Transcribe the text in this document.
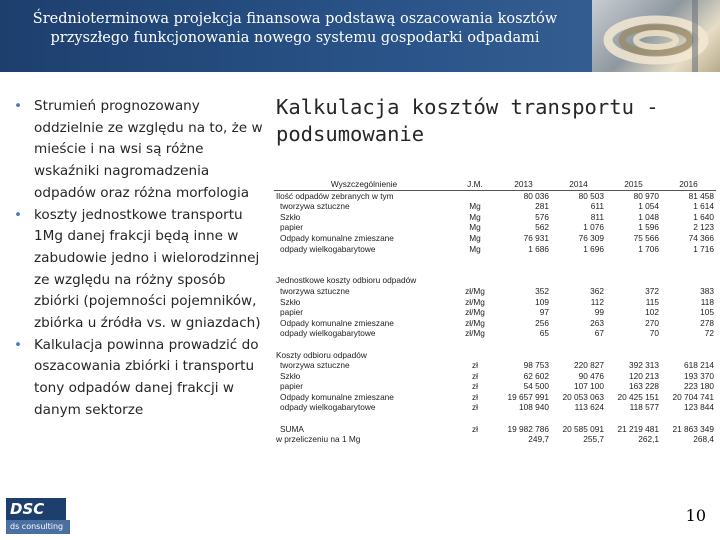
Średnioterminowa projekcja finansowa podstawą oszacowania kosztów
przyszłego funkcjonowania nowego systemu gospodarki odpadami
• Strumień prognozowany oddzielnie ze względu na to, że w mieście i na wsi są różne wskaźniki nagromadzenia odpadów oraz różna morfologia
• koszty jednostkowe transportu 1Mg danej frakcji będą inne w zabudowie jedno i wielorodzinnej ze względu na różny sposób zbiórki (pojemności pojemników, zbiórka u źródła vs. w gniazdach)
• Kalkulacja powinna prowadzić do oszacowania zbiórki i transportu tony odpadów danej frakcji w danym sektorze
Kalkulacja kosztów transportu -
podsumowanie
Wyszczególnienie	J.M.	2013	2014	2015	2016
Ilość odpadów zebranych w tym		80 036	80 503	80 970	81 458
tworzywa sztuczne	Mg	281	611	1 054	1 614
Szkło	Mg	576	811	1 048	1 640
papier	Mg	562	1 076	1 596	2 123
Odpady komunalne zmieszane	Mg	76 931	76 309	75 566	74 366
odpady wielkogabarytowe	Mg	1 686	1 696	1 706	1 716

Jednostkowe koszty odbioru odpadów					
tworzywa sztuczne	zł/Mg	352	362	372	383
Szkło	zł/Mg	109	112	115	118
papier	zł/Mg	97	99	102	105
Odpady komunalne zmieszane	zł/Mg	256	263	270	278
odpady wielkogabarytowe	zł/Mg	65	67	70	72

Koszty odbioru odpadów					
tworzywa sztuczne	zł	98 753	220 827	392 313	618 214
Szkło	zł	62 602	90 476	120 213	193 370
papier	zł	54 500	107 100	163 228	223 180
Odpady komunalne zmieszane	zł	19 657 991	20 053 063	20 425 151	20 704 741
odpady wielkogabarytowe	zł	108 940	113 624	118 577	123 844

SUMA	zł	19 982 786	20 585 091	21 219 481	21 863 349
w przeliczeniu na 1 Mg		249,7	255,7	262,1	268,4
DSC
ds consulting
10
